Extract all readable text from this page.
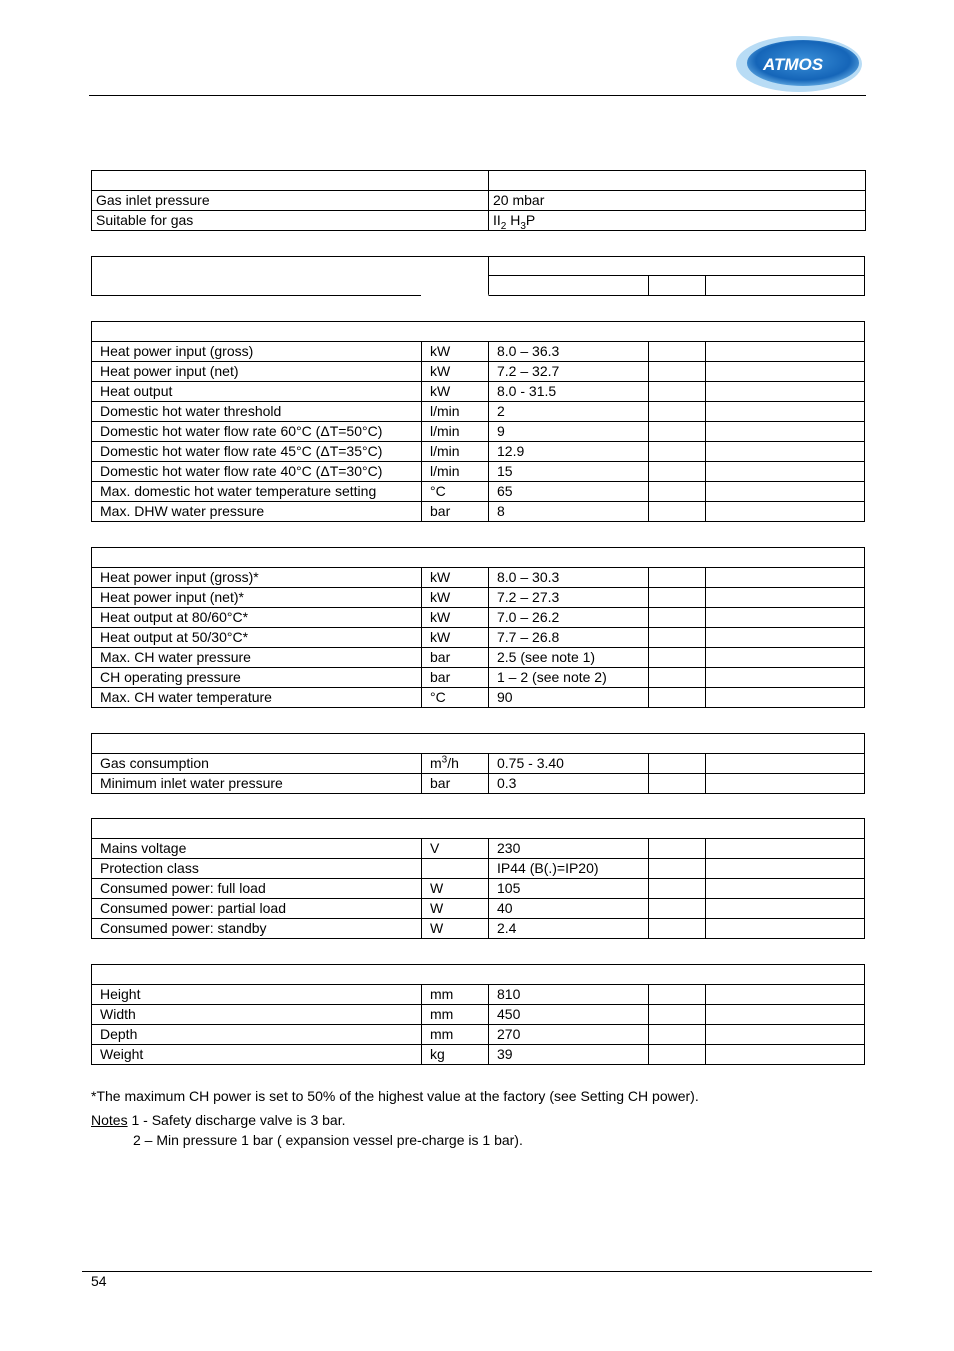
ATMOS

Gas inlet pressure	20 mbar
Suitable for gas	$II_2$ $H_3P$

Heat power input (gross)	kW	8.0 – 36.3		
Heat power input (net)	kW	7.2 – 32.7		
Heat output	kW	8.0 - 31.5		
Domestic hot water threshold	l/min	2		
Domestic hot water flow rate 60°C (ΔT=50°C)	l/min	9		
Domestic hot water flow rate 45°C (ΔT=35°C)	l/min	12.9		
Domestic hot water flow rate 40°C (ΔT=30°C)	l/min	15		
Max. domestic hot water temperature setting	°C	65		
Max. DHW water pressure	bar	8		

Heat power input (gross)*	kW	8.0 – 30.3		
Heat power input (net)*	kW	7.2 – 27.3		
Heat output at 80/60°C*	kW	7.0 – 26.2		
Heat output at 50/30°C*	kW	7.7 – 26.8		
Max. CH water pressure	bar	2.5 (see note 1)		
CH operating pressure	bar	1 – 2 (see note 2)		
Max. CH water temperature	°C	90		

Gas consumption	$m^3/h$	0.75 - 3.40		
Minimum inlet water pressure	bar	0.3		

Mains voltage	V	230		
Protection class		IP44 (B(.)=IP20)		
Consumed power: full load	W	105		
Consumed power: partial load	W	40		
Consumed power: standby	W	2.4		

Height	mm	810		
Width	mm	450		
Depth	mm	270		
Weight	kg	39		
*The maximum CH power is set to 50% of the highest value at the factory (see Setting CH power).
Notes 1 - Safety discharge valve is 3 bar.
2 – Min pressure 1 bar ( expansion vessel pre-charge is 1 bar).
54
